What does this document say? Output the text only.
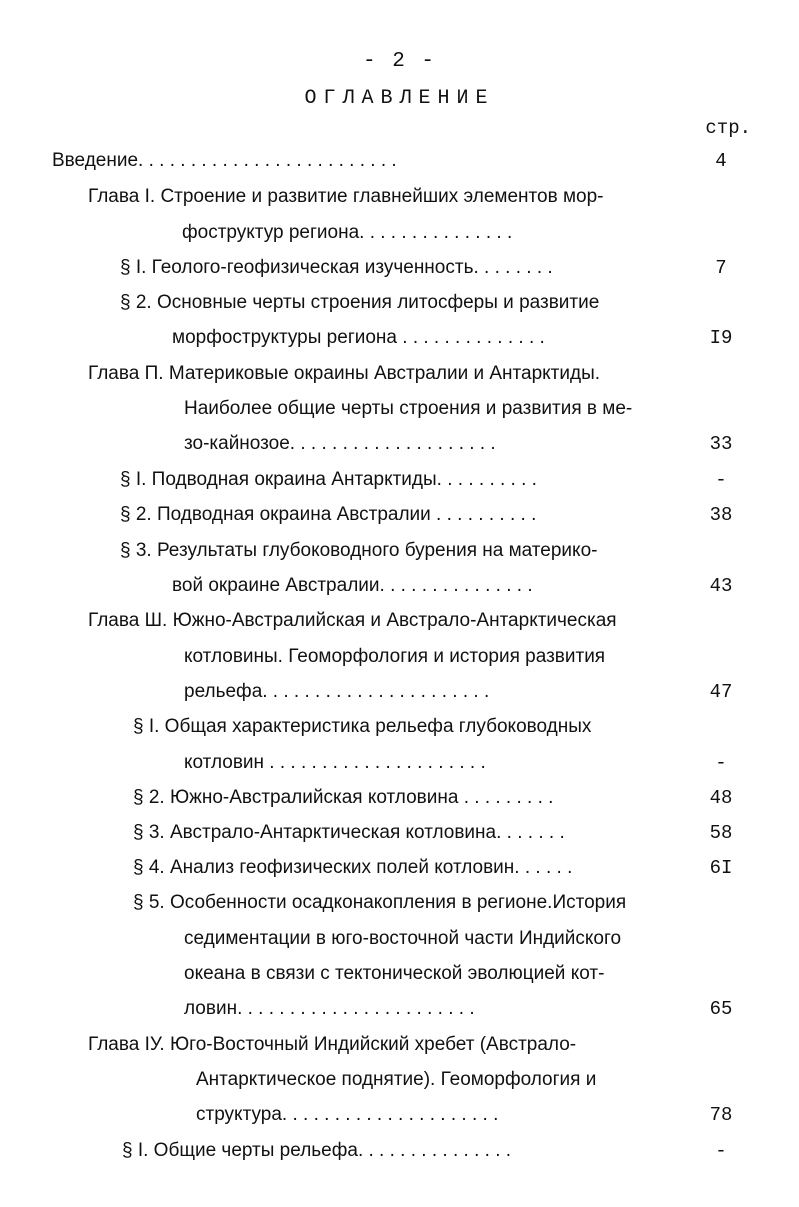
- 2 -
ОГЛАВЛЕНИЕ
стр.
Введение. . . . . . . . . . . . . . . . . . . . . . . . .	4
Глава I. Строение и развитие главнейших элементов мор-
фоструктур региона. . . . . . . . . . . . . . .
§ I. Геолого-геофизическая изученность. . . . . . . .	7
§ 2. Основные черты строения литосферы и развитие
морфоструктуры региона . . . . . . . . . . . . . .	I9
Глава П. Материковые окраины Австралии и Антарктиды.
Наиболее общие черты строения и развития в ме-
зо-кайнозое. . . . . . . . . . . . . . . . . . . .	33
§ I. Подводная окраина Антарктиды. . . . . . . . . .	-
§ 2. Подводная окраина Австралии . . . . . . . . . .	38
§ 3. Результаты глубоководного бурения на материко-
вой окраине Австралии. . . . . . . . . . . . . . .	43
Глава Ш. Южно-Австралийская и Австрало-Антарктическая
котловины. Геоморфология и история развития
рельефа. . . . . . . . . . . . . . . . . . . . . .	47
§ I. Общая характеристика рельефа глубоководных
котловин . . . . . . . . . . . . . . . . . . . . .	-
§ 2. Южно-Австралийская котловина . . . . . . . . .	48
§ 3. Австрало-Антарктическая котловина. . . . . . .	58
§ 4. Анализ геофизических полей котловин. . . . . .	6I
§ 5. Особенности осадконакопления в регионе.История
седиментации в юго-восточной части Индийского
океана в связи с тектонической эволюцией кот-
ловин. . . . . . . . . . . . . . . . . . . . . . .	65
Глава IУ. Юго-Восточный Индийский хребет (Австрало-
Антарктическое поднятие). Геоморфология и
структура. . . . . . . . . . . . . . . . . . . . .	78
§ I. Общие черты рельефа. . . . . . . . . . . . . . .	-
